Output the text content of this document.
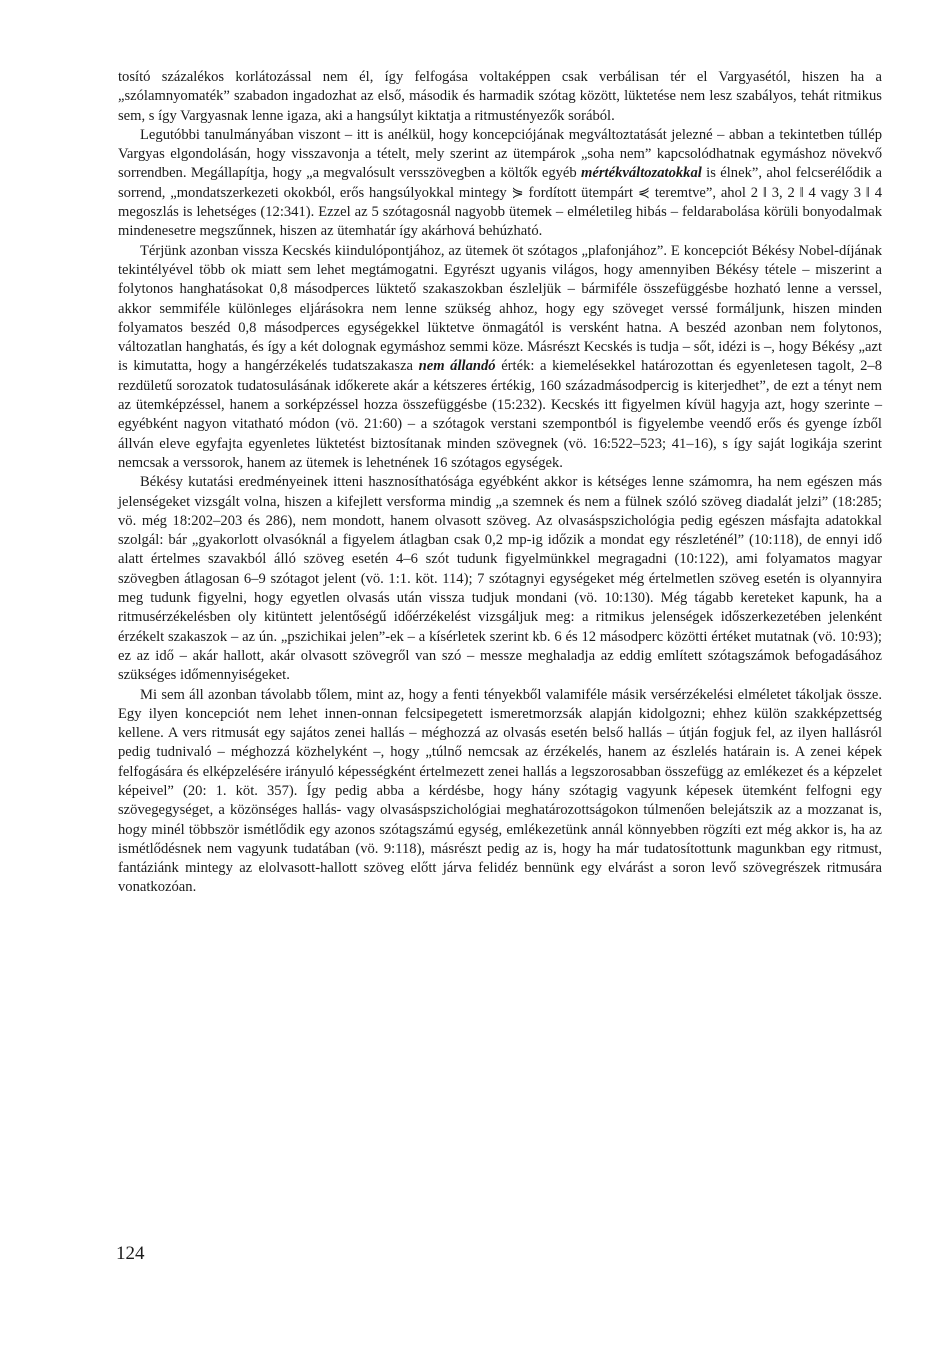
tosító százalékos korlátozással nem él, így felfogása voltaképpen csak verbálisan tér el Vargyasétól, hiszen ha a „szólamnyomaték” szabadon ingadozhat az első, második és harmadik szótag között, lüktetése nem lesz szabályos, tehát ritmikus sem, s így Vargyasnak lenne igaza, aki a hangsúlyt kiktatja a ritmustényezők sorából.

Legutóbbi tanulmányában viszont – itt is anélkül, hogy koncepciójának megváltoztatását jelezné – abban a tekintetben túllép Vargyas elgondolásán, hogy visszavonja a tételt, mely szerint az ütempárok „soha nem” kapcsolódhatnak egymáshoz növekvő sorrendben. Megállapítja, hogy „a megvalósult versszövegben a költők egyéb mértékváltozatokkal is élnek”, ahol felcserélődik a sorrend, „mondatszerkezeti okokból, erős hangsúlyokkal mintegy ⋟ fordított ütempárt ⋞ teremtve”, ahol 2 ‖ 3, 2 ‖ 4 vagy 3 ‖ 4 megoszlás is lehetséges (12:341). Ezzel az 5 szótagosnál nagyobb ütemek – elméletileg hibás – feldarabolása körüli bonyodalmak mindenesetre megszűnnek, hiszen az ütemhatár így akárhová behúzható.

Térjünk azonban vissza Kecskés kiindulópontjához, az ütemek öt szótagos „plafonjához”. E koncepciót Békésy Nobel-díjának tekintélyével több ok miatt sem lehet megtámogatni. Egyrészt ugyanis világos, hogy amennyiben Békésy tétele – miszerint a folytonos hanghatásokat 0,8 másodperces lüktető szakaszokban észleljük – bármiféle összefüggésbe hozható lenne a verssel, akkor semmiféle különleges eljárásokra nem lenne szükség ahhoz, hogy egy szöveget verssé formáljunk, hiszen minden folyamatos beszéd 0,8 másodperces egységekkel lüktetve önmagától is versként hatna. A beszéd azonban nem folytonos, változatlan hanghatás, és így a két dolognak egymáshoz semmi köze. Másrészt Kecskés is tudja – sőt, idézi is –, hogy Békésy „azt is kimutatta, hogy a hangérzékelés tudatszakasza nem állandó érték: a kiemelésekkel határozottan és egyenletesen tagolt, 2–8 rezdületű sorozatok tudatosulásának időkerete akár a kétszeres értékig, 160 századmásodpercig is kiterjedhet”, de ezt a tényt nem az ütemképzéssel, hanem a sorképzéssel hozza összefüggésbe (15:232). Kecskés itt figyelmen kívül hagyja azt, hogy szerinte – egyébként nagyon vitatható módon (vö. 21:60) – a szótagok verstani szempontból is figyelembe veendő erős és gyenge ízből állván eleve egyfajta egyenletes lüktetést biztosítanak minden szövegnek (vö. 16:522–523; 41–16), s így saját logikája szerint nemcsak a verssorok, hanem az ütemek is lehetnének 16 szótagos egységek.

Békésy kutatási eredményeinek itteni hasznosíthatósága egyébként akkor is kétséges lenne számomra, ha nem egészen más jelenségeket vizsgált volna, hiszen a kifejlett versforma mindig „a szemnek és nem a fülnek szóló szöveg diadalát jelzi” (18:285; vö. még 18:202–203 és 286), nem mondott, hanem olvasott szöveg. Az olvasáspszichológia pedig egészen másfajta adatokkal szolgál: bár „gyakorlott olvasóknál a figyelem átlagban csak 0,2 mp-ig időzik a mondat egy részleténél” (10:118), de ennyi idő alatt értelmes szavakból álló szöveg esetén 4–6 szót tudunk figyelmünkkel megragadni (10:122), ami folyamatos magyar szövegben átlagosan 6–9 szótagot jelent (vö. 1:1. köt. 114); 7 szótagnyi egységeket még értelmetlen szöveg esetén is olyannyira meg tudunk figyelni, hogy egyetlen olvasás után vissza tudjuk mondani (vö. 10:130). Még tágabb kereteket kapunk, ha a ritmusérzékelésben oly kitüntett jelentőségű időérzékelést vizsgáljuk meg: a ritmikus jelenségek időszerkezetében jelenként érzékelt szakaszok – az ún. „pszichikai jelen”-ek – a kísérletek szerint kb. 6 és 12 másodperc közötti értéket mutatnak (vö. 10:93); ez az idő – akár hallott, akár olvasott szövegről van szó – messze meghaladja az eddig említett szótagszámok befogadásához szükséges időmennyiségeket.

Mi sem áll azonban távolabb tőlem, mint az, hogy a fenti tényekből valamiféle másik versérzékelési elméletet tákoljak össze. Egy ilyen koncepciót nem lehet innen-onnan felcsipegetett ismeretmorzsák alapján kidolgozni; ehhez külön szakképzettség kellene. A vers ritmusát egy sajátos zenei hallás – méghozzá az olvasás esetén belső hallás – útján fogjuk fel, az ilyen hallásról pedig tudnivaló – méghozzá közhelyként –, hogy „túlnő nemcsak az érzékelés, hanem az észlelés határain is. A zenei képek felfogására és elképzelésére irányuló képességként értelmezett zenei hallás a legszorosabban összefügg az emlékezet és a képzelet képeivel” (20: 1. köt. 357). Így pedig abba a kérdésbe, hogy hány szótagig vagyunk képesek ütemként felfogni egy szövegegységet, a közönséges hallás- vagy olvasáspszichológiai meghatározottságokon túlmenően belejátszik az a mozzanat is, hogy minél többször ismétlődik egy azonos szótagszámú egység, emlékezetünk annál könnyebben rögzíti ezt még akkor is, ha az ismétlődésnek nem vagyunk tudatában (vö. 9:118), másrészt pedig az is, hogy ha már tudatosítottunk magunkban egy ritmust, fantáziánk mintegy az elolvasott-hallott szöveg előtt járva felidéz bennünk egy elvárást a soron levő szövegrészek ritmusára vonatkozóan.

124
